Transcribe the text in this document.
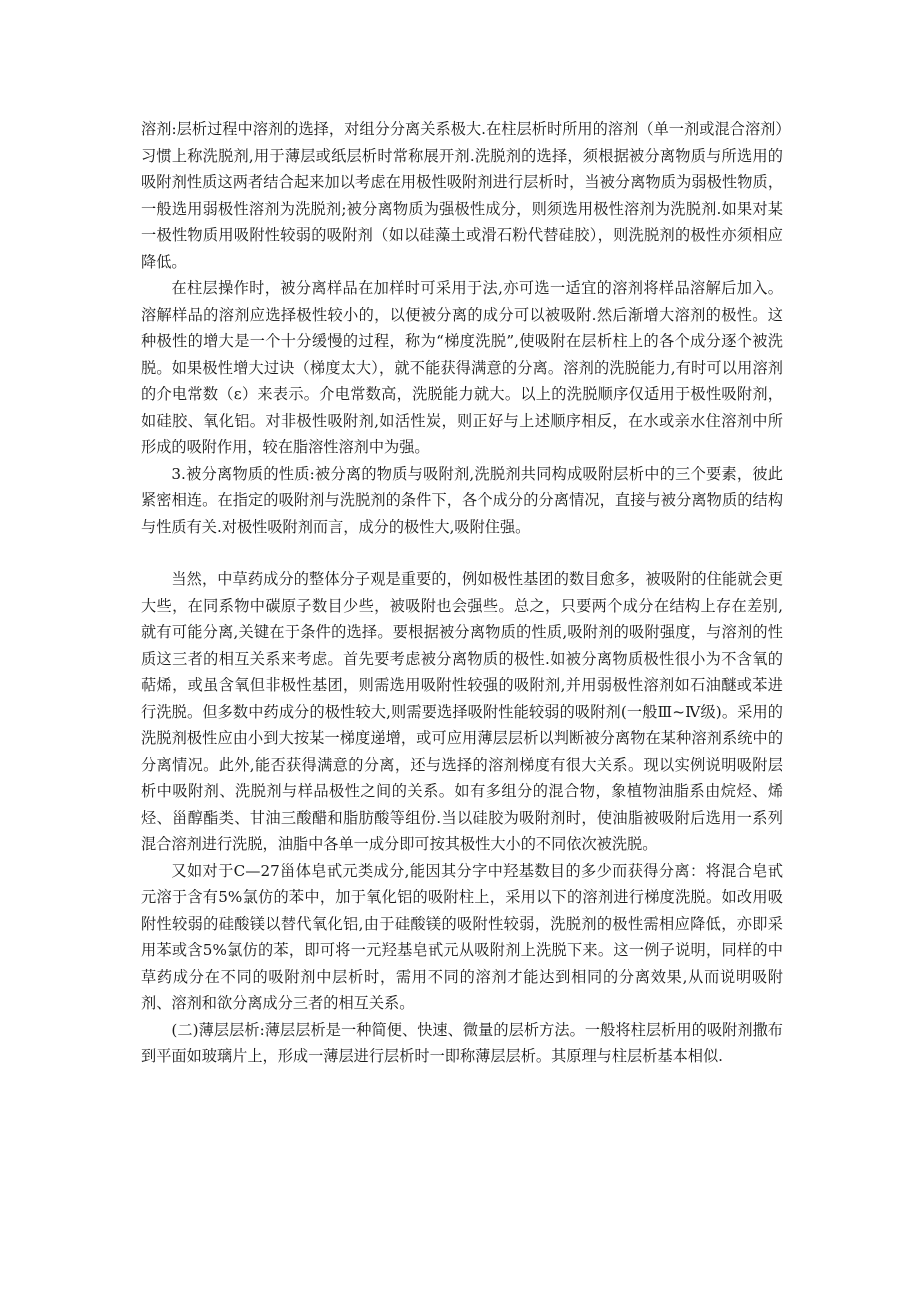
溶剂:层析过程中溶剂的选择，对组分分离关系极大.在柱层析时所用的溶剂（单一剂或混合溶剂）习惯上称洗脱剂,用于薄层或纸层析时常称展开剂.洗脱剂的选择，须根据被分离物质与所选用的吸附剂性质这两者结合起来加以考虑在用极性吸附剂进行层析时，当被分离物质为弱极性物质，一般选用弱极性溶剂为洗脱剂;被分离物质为强极性成分，则须选用极性溶剂为洗脱剂.如果对某一极性物质用吸附性较弱的吸附剂（如以硅藻土或滑石粉代替硅胶），则洗脱剂的极性亦须相应降低。

在柱层操作时，被分离样品在加样时可采用于法,亦可选一适宜的溶剂将样品溶解后加入。溶解样品的溶剂应选择极性较小的，以便被分离的成分可以被吸附.然后渐增大溶剂的极性。这种极性的增大是一个十分缓慢的过程，称为“梯度洗脱”,使吸附在层析柱上的各个成分逐个被洗脱。如果极性增大过诀（梯度太大），就不能获得满意的分离。溶剂的洗脱能力,有时可以用溶剂的介电常数（ε）来表示。介电常数高，洗脱能力就大。以上的洗脱顺序仅适用于极性吸附剂，如硅胶、氧化铝。对非极性吸附剂,如活性炭，则正好与上述顺序相反，在水或亲水住溶剂中所形成的吸附作用，较在脂溶性溶剂中为强。

3.被分离物质的性质:被分离的物质与吸附剂,洗脱剂共同构成吸附层析中的三个要素，彼此紧密相连。在指定的吸附剂与洗脱剂的条件下，各个成分的分离情况，直接与被分离物质的结构与性质有关.对极性吸附剂而言，成分的极性大,吸附住强。

当然，中草药成分的整体分子观是重要的，例如极性基团的数目愈多，被吸附的住能就会更大些，在同系物中碳原子数目少些，被吸附也会强些。总之，只要两个成分在结构上存在差别,就有可能分离,关键在于条件的选择。要根据被分离物质的性质,吸附剂的吸附强度，与溶剂的性质这三者的相互关系来考虑。首先要考虑被分离物质的极性.如被分离物质极性很小为不含氧的萜烯，或虽含氧但非极性基团，则需选用吸附性较强的吸附剂,并用弱极性溶剂如石油醚或苯进行洗脱。但多数中药成分的极性较大,则需要选择吸附性能较弱的吸附剂(一般Ⅲ~Ⅳ级)。采用的洗脱剂极性应由小到大按某一梯度递增，或可应用薄层层析以判断被分离物在某种溶剂系统中的分离情况。此外,能否获得满意的分离，还与选择的溶剂梯度有很大关系。现以实例说明吸附层析中吸附剂、洗脱剂与样品极性之间的关系。如有多组分的混合物，象植物油脂系由烷烃、烯烃、甾醇酯类、甘油三酸醋和脂肪酸等组份.当以硅胶为吸附剂时，使油脂被吸附后选用一系列混合溶剂进行洗脱，油脂中各单一成分即可按其极性大小的不同依次被洗脱。

又如对于C—27甾体皂甙元类成分,能因其分字中羟基数目的多少而获得分离：将混合皂甙元溶于含有5%氯仿的苯中，加于氧化铝的吸附柱上，采用以下的溶剂进行梯度洗脱。如改用吸附性较弱的硅酸镁以替代氧化铝,由于硅酸镁的吸附性较弱，洗脱剂的极性需相应降低，亦即采用苯或含5%氯仿的苯，即可将一元羟基皂甙元从吸附剂上洗脱下来。这一例子说明，同样的中草药成分在不同的吸附剂中层析时，需用不同的溶剂才能达到相同的分离效果,从而说明吸附剂、溶剂和欲分离成分三者的相互关系。

(二)薄层层析:薄层层析是一种简便、快速、微量的层析方法。一般将柱层析用的吸附剂撒布到平面如玻璃片上，形成一薄层进行层析时一即称薄层层析。其原理与柱层析基本相似.
